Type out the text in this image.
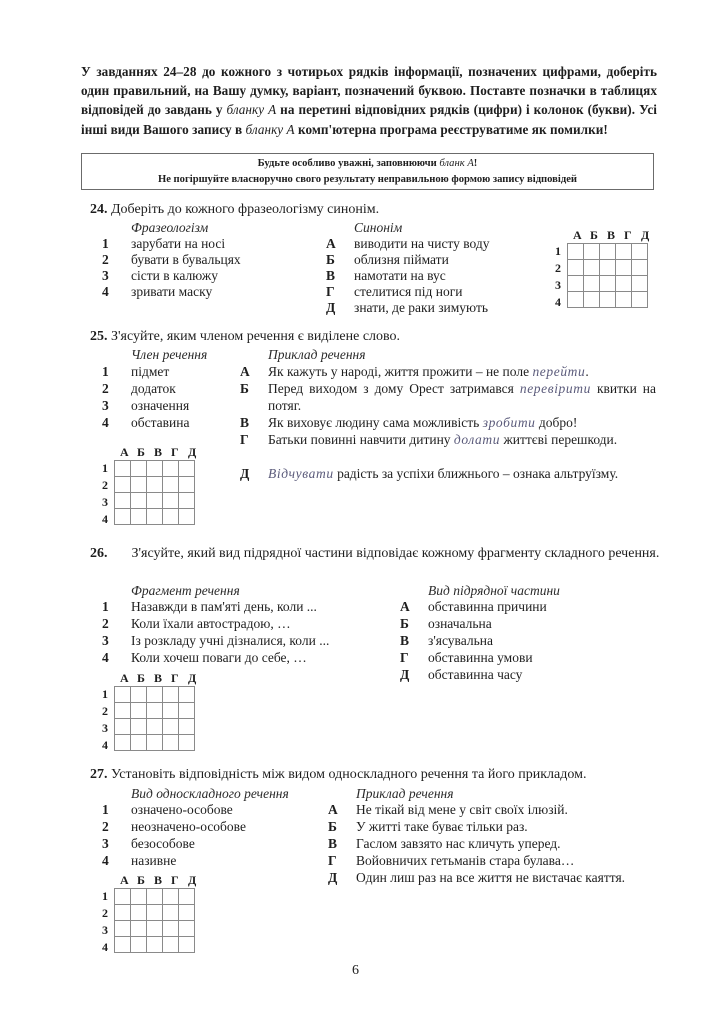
У завданнях 24–28 до кожного з чотирьох рядків інформації, позначених цифрами, доберіть один правильний, на Вашу думку, варіант, позначений буквою. Поставте позначки в таблицях відповідей до завдань у бланку А на перетині відповідних рядків (цифри) і колонок (букви). Усі інші види Вашого запису в бланку А комп'ютерна програма реєструватиме як помилки!
Будьте особливо уважні, заповнюючи бланк А!
Не погіршуйте власноручно свого результату неправильною формою запису відповідей
24. Доберіть до кожного фразеологізму синонім.
Фразеологізм	Синонім
1 зарубати на носі
2 бувати в бувальцях
3 сісти в калюжу
4 зривати маску
А виводити на чисту воду
Б облизня піймати
В намотати на вус
Г стелитися під ноги
Д знати, де раки зимують
А Б В Г Д
1
2
3
4

25. З'ясуйте, яким членом речення є виділене слово.
Член речення	Приклад речення
1 підмет
2 додаток
3 означення
4 обставина
А Як кажуть у народі, життя прожити – не поле перейти.
Б Перед виходом з дому Орест затримався перевірити квитки на потяг.
В Як виховує людину сама можливість зробити добро!
Г Батьки повинні навчити дитину долати життєві перешкоди.
Д Відчувати радість за успіхи ближнього – ознака альтруїзму.
А Б В Г Д
1
2
3
4

26. З'ясуйте, який вид підрядної частини відповідає кожному фрагменту складного речення.
Фрагмент речення	Вид підрядної частини
1 Назавжди в пам'яті день, коли ...
2 Коли їхали автострадою, …
3 Із розкладу учні дізналися, коли ...
4 Коли хочеш поваги до себе, …
А обставинна причини
Б означальна
В з'ясувальна
Г обставинна умови
Д обставинна часу
А Б В Г Д
1
2
3
4

27. Установіть відповідність між видом односкладного речення та його прикладом.
Вид односкладного речення	Приклад речення
1 означено-особове
2 неозначено-особове
3 безособове
4 називне
А Не тікай від мене у світ своїх ілюзій.
Б У житті таке буває тільки раз.
В Гаслом завзято нас кличуть уперед.
Г Войовничих гетьманів стара булава…
Д Один лиш раз на все життя не вистачає каяття.
А Б В Г Д
1
2
3
4

6
